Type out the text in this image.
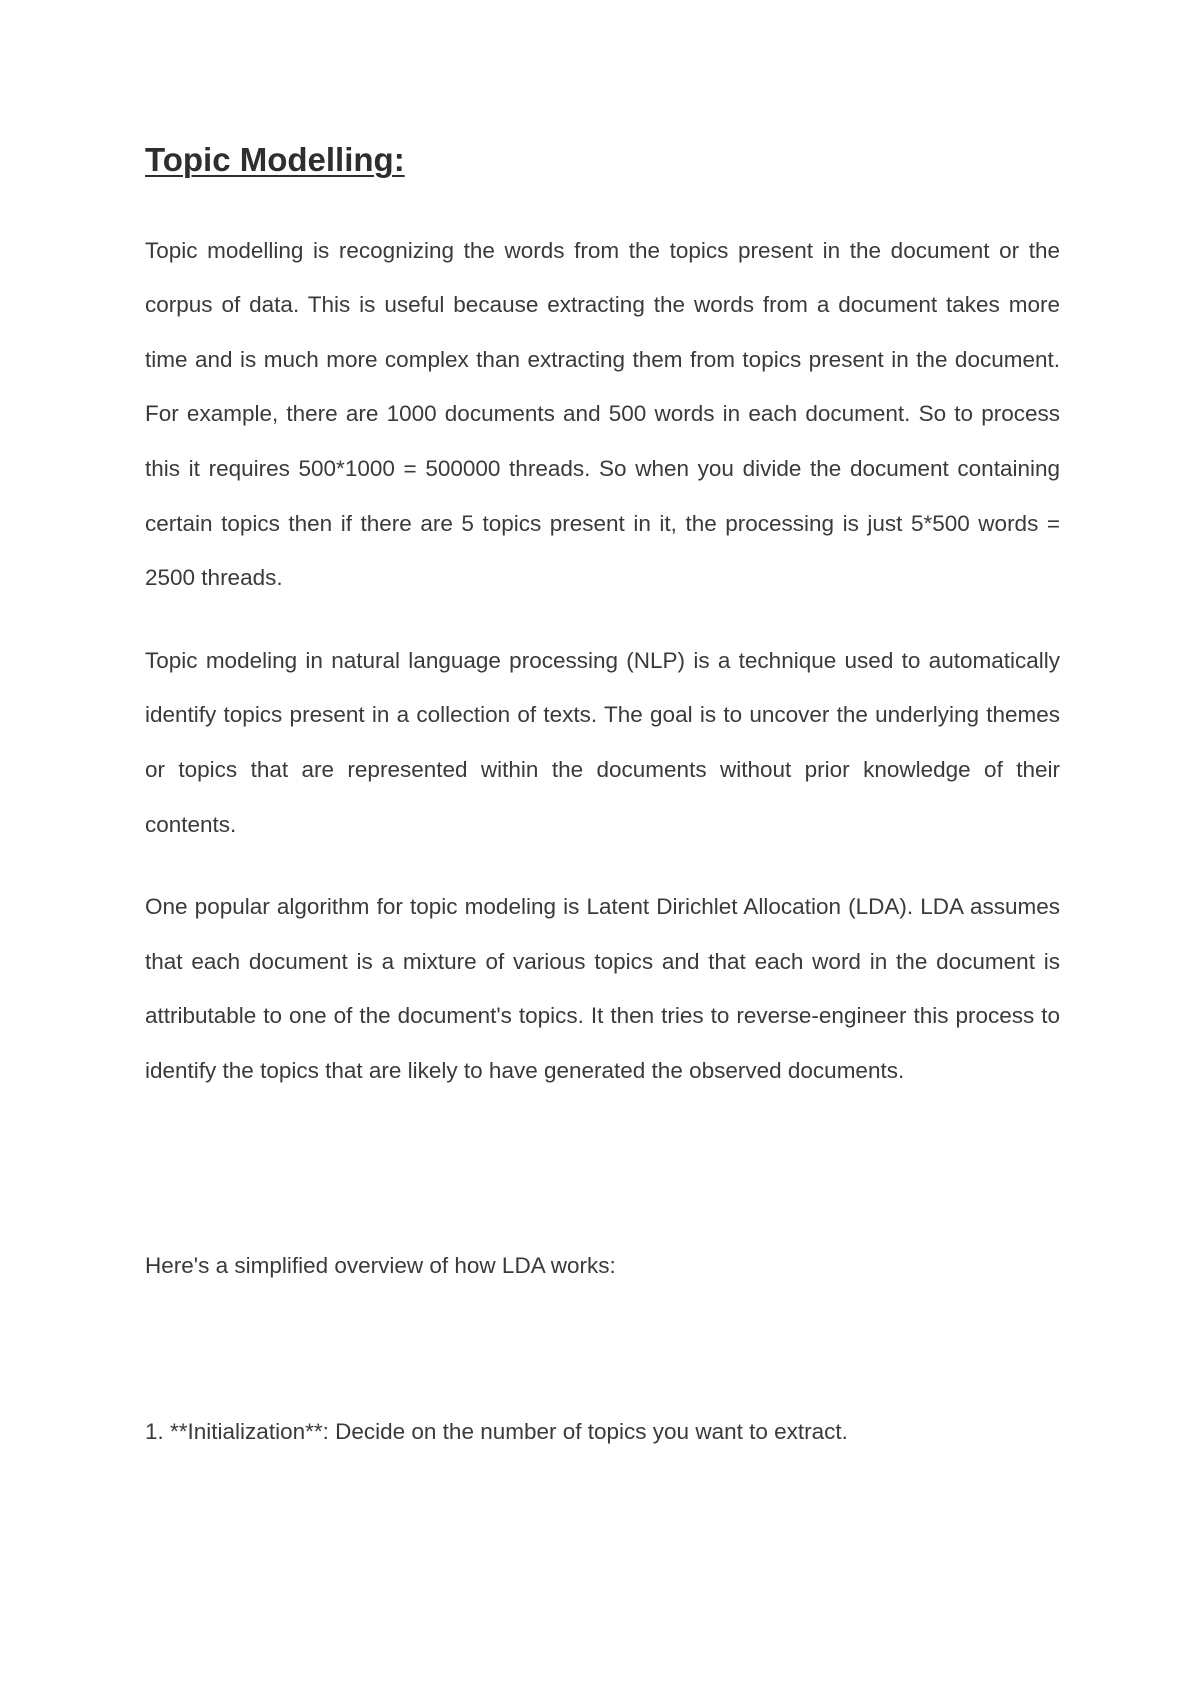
Topic Modelling:

Topic modelling is recognizing the words from the topics present in the document or the corpus of data. This is useful because extracting the words from a document takes more time and is much more complex than extracting them from topics present in the document. For example, there are 1000 documents and 500 words in each document. So to process this it requires 500*1000 = 500000 threads. So when you divide the document containing certain topics then if there are 5 topics present in it, the processing is just 5*500 words = 2500 threads.

Topic modeling in natural language processing (NLP) is a technique used to automatically identify topics present in a collection of texts. The goal is to uncover the underlying themes or topics that are represented within the documents without prior knowledge of their contents.

One popular algorithm for topic modeling is Latent Dirichlet Allocation (LDA). LDA assumes that each document is a mixture of various topics and that each word in the document is attributable to one of the document's topics. It then tries to reverse-engineer this process to identify the topics that are likely to have generated the observed documents.

Here's a simplified overview of how LDA works:

1. **Initialization**: Decide on the number of topics you want to extract.
